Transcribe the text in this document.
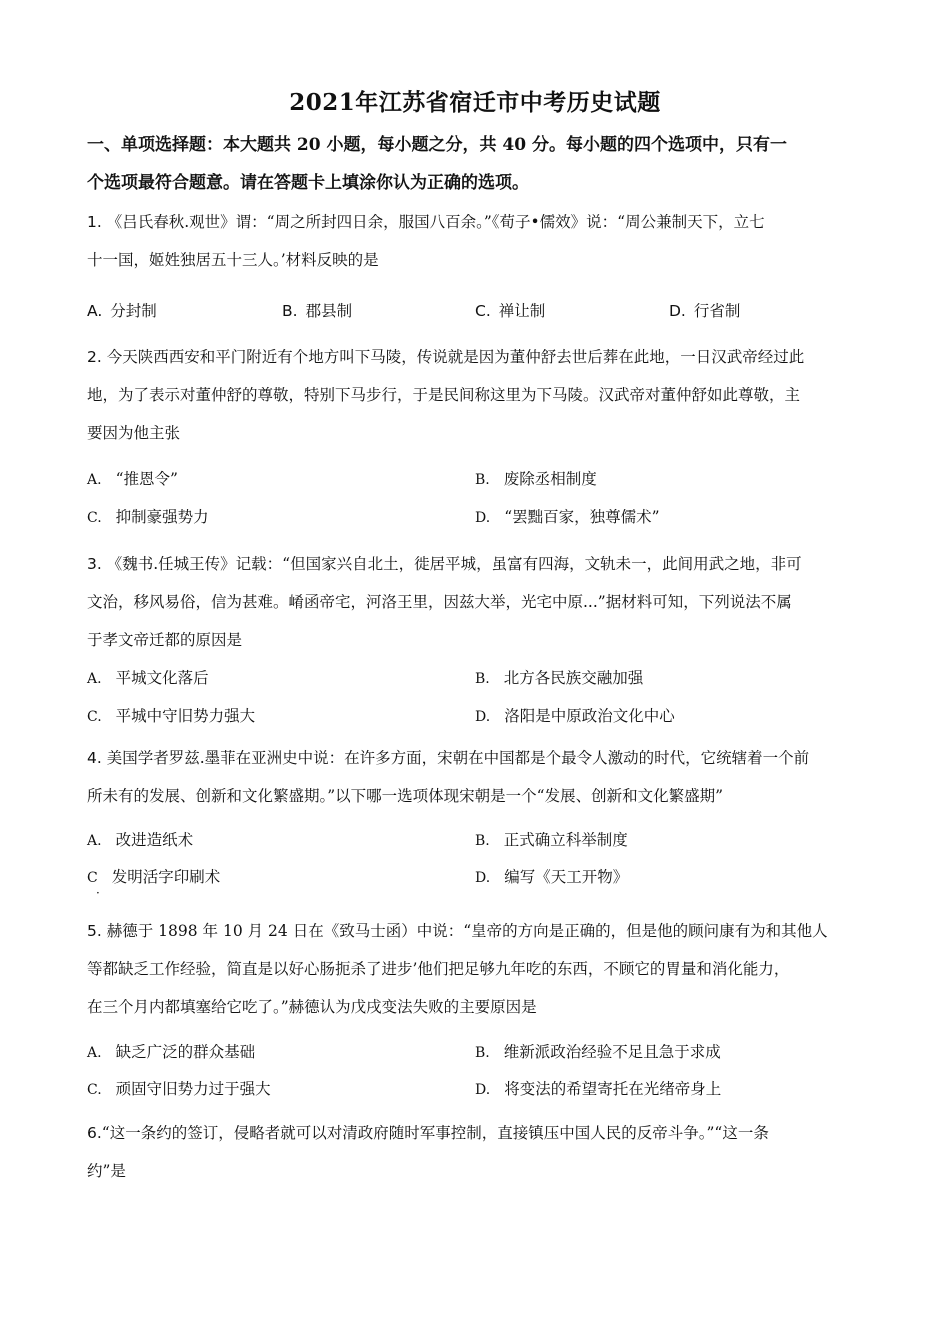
2021年江苏省宿迁市中考历史试题
一、单项选择题：本大题共 20 小题，每小题之分，共 40 分。每小题的四个选项中，只有一
个选项最符合题意。请在答题卡上填涂你认为正确的选项。
1. 《吕氏春秋.观世》谓：“周之所封四日余，服国八百余。”《荀子•儒效》说：“周公兼制天下，立七
十一国，姬姓独居五十三人。’材料反映的是
A. 分封制	B. 郡县制	C. 禅让制	D. 行省制
2. 今天陕西西安和平门附近有个地方叫下马陵，传说就是因为董仲舒去世后葬在此地，一日汉武帝经过此
地，为了表示对董仲舒的尊敬，特别下马步行，于是民间称这里为下马陵。汉武帝对董仲舒如此尊敬，主
要因为他主张
A. “推恩令”	B. 废除丞相制度
C. 抑制豪强势力	D. “罢黜百家，独尊儒术”
3. 《魏书.任城王传》记载：“但国家兴自北土，徙居平城，虽富有四海，文轨未一，此间用武之地，非可
文治，移风易俗，信为甚难。崤函帝宅，河洛王里，因兹大举，光宅中原...”据材料可知，下列说法不属
于孝文帝迁都的原因是
A. 平城文化落后	B. 北方各民族交融加强
C. 平城中守旧势力强大	D. 洛阳是中原政治文化中心
4. 美国学者罗兹.墨菲在亚洲史中说：在许多方面，宋朝在中国都是个最令人激动的时代，它统辖着一个前
所未有的发展、创新和文化繁盛期。”以下哪一选项体现宋朝是一个“发展、创新和文化繁盛期”
A. 改进造纸术	B. 正式确立科举制度
C 发明活字印刷术	D. 编写《天工开物》
·
5. 赫德于 1898 年 10 月 24 日在《致马士函）中说：“皇帝的方向是正确的，但是他的顾问康有为和其他人
等都缺乏工作经验，简直是以好心肠扼杀了进步’他们把足够九年吃的东西，不顾它的胃量和消化能力，
在三个月内都填塞给它吃了。”赫德认为戊戌变法失败的主要原因是
A. 缺乏广泛的群众基础	B. 维新派政治经验不足且急于求成
C. 顽固守旧势力过于强大	D. 将变法的希望寄托在光绪帝身上
6.“这一条约的签订，侵略者就可以对清政府随时军事控制，直接镇压中国人民的反帝斗争。”“这一条
约”是
